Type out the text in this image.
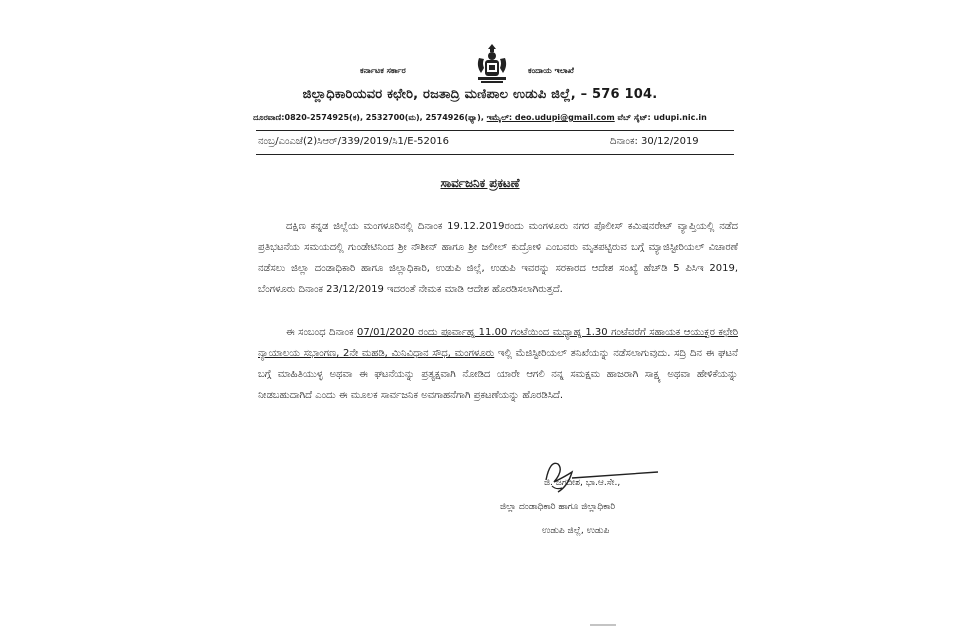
ಕರ್ನಾಟಕ ಸರ್ಕಾರ	ಕಂದಾಯ ಇಲಾಖೆ
ಜಿಲ್ಲಾಧಿಕಾರಿಯವರ ಕಛೇರಿ, ರಜತಾದ್ರಿ ಮಣಿಪಾಲ ಉಡುಪಿ ಜಿಲ್ಲೆ, – 576 104.
ದೂರವಾಣಿ:0820-2574925(ಕ), 2532700(ಮ), 2574926(ಫ್ಯಾ), ಇಮೈಲ್: deo.udupi@gmail.com ವೆಬ್ ಸೈಟ್: udupi.nic.in
ನಂಬ್ರ/ಎಂಎಜೆ(2)ಸಿಆರ್/339/2019/ಸಿ1/E-52016	ದಿನಾಂಕ: 30/12/2019
ಸಾರ್ವಜನಿಕ ಪ್ರಕಟಣೆ

ದಕ್ಷಿಣ ಕನ್ನಡ ಜಿಲ್ಲೆಯ ಮಂಗಳೂರಿನಲ್ಲಿ ದಿನಾಂಕ 19.12.2019ರಂದು ಮಂಗಳೂರು ನಗರ ಪೊಲೀಸ್ ಕಮಿಷನರೇಟ್ ವ್ಯಾಪ್ತಿಯಲ್ಲಿ ನಡೆದ ಪ್ರತಿಭಟನೆಯ ಸಮಯದಲ್ಲಿ ಗುಂಡೇಟಿನಿಂದ ಶ್ರೀ ನೌಶೀನ್ ಹಾಗೂ ಶ್ರೀ ಜಲೀಲ್ ಕುದ್ರೋಳಿ ಎಂಬವರು ಮೃತಪಟ್ಟಿರುವ ಬಗ್ಗೆ ಮ್ಯಾಜಿಸ್ಟೀರಿಯಲ್ ವಿಚಾರಣೆ ನಡೆಸಲು ಜಿಲ್ಲಾ ದಂಡಾಧಿಕಾರಿ ಹಾಗೂ ಜಿಲ್ಲಾಧಿಕಾರಿ, ಉಡುಪಿ ಜಿಲ್ಲೆ, ಉಡುಪಿ ಇವರನ್ನು ಸರಕಾರದ ಆದೇಶ ಸಂಖ್ಯೆ ಹೆಚ್‌ಡಿ 5 ಪಿಸಿಇ 2019, ಬೆಂಗಳೂರು ದಿನಾಂಕ 23/12/2019 ಇದರಂತೆ ನೇಮಕ ಮಾಡಿ ಆದೇಶ ಹೊರಡಿಸಲಾಗಿರುತ್ತದೆ.

ಈ ಸಂಬಂಧ ದಿನಾಂಕ 07/01/2020 ರಂದು ಪೂರ್ವಾಹ್ನ 11.00 ಗಂಟೆಯಿಂದ ಮಧ್ಯಾಹ್ನ 1.30 ಗಂಟೆವರೆಗೆ ಸಹಾಯಕ ಆಯುಕ್ತರ ಕಛೇರಿ ನ್ಯಾಯಾಲಯ ಸಭಾಂಗಣ, 2ನೇ ಮಹಡಿ, ಮಿನಿವಿಧಾನ ಸೌಧ, ಮಂಗಳೂರು ಇಲ್ಲಿ ಮೆಜಿಸ್ಟೀರಿಯಲ್ ತನಿಖೆಯನ್ನು ನಡೆಸಲಾಗುವುದು. ಸದ್ರಿ ದಿನ ಈ ಘಟನೆ ಬಗ್ಗೆ ಮಾಹಿತಿಯುಳ್ಳ ಅಥವಾ ಈ ಘಟನೆಯನ್ನು ಪ್ರತ್ಯಕ್ಷವಾಗಿ ನೋಡಿದ ಯಾರೇ ಆಗಲಿ ನನ್ನ ಸಮಕ್ಷಮ ಹಾಜರಾಗಿ ಸಾಕ್ಷ್ಯ ಅಥವಾ ಹೇಳಿಕೆಯನ್ನು ನೀಡಬಹುದಾಗಿದೆ ಎಂದು ಈ ಮೂಲಕ ಸಾರ್ವಜನಿಕ ಅವಗಾಹನೆಗಾಗಿ ಪ್ರಕಟಣೆಯನ್ನು ಹೊರಡಿಸಿದೆ.

ಜಿ. ಜಗದೀಶ, ಭಾ.ಆ.ಸೇ.,
ಜಿಲ್ಲಾ ದಂಡಾಧಿಕಾರಿ ಹಾಗೂ ಜಿಲ್ಲಾಧಿಕಾರಿ
ಉಡುಪಿ ಜಿಲ್ಲೆ, ಉಡುಪಿ
